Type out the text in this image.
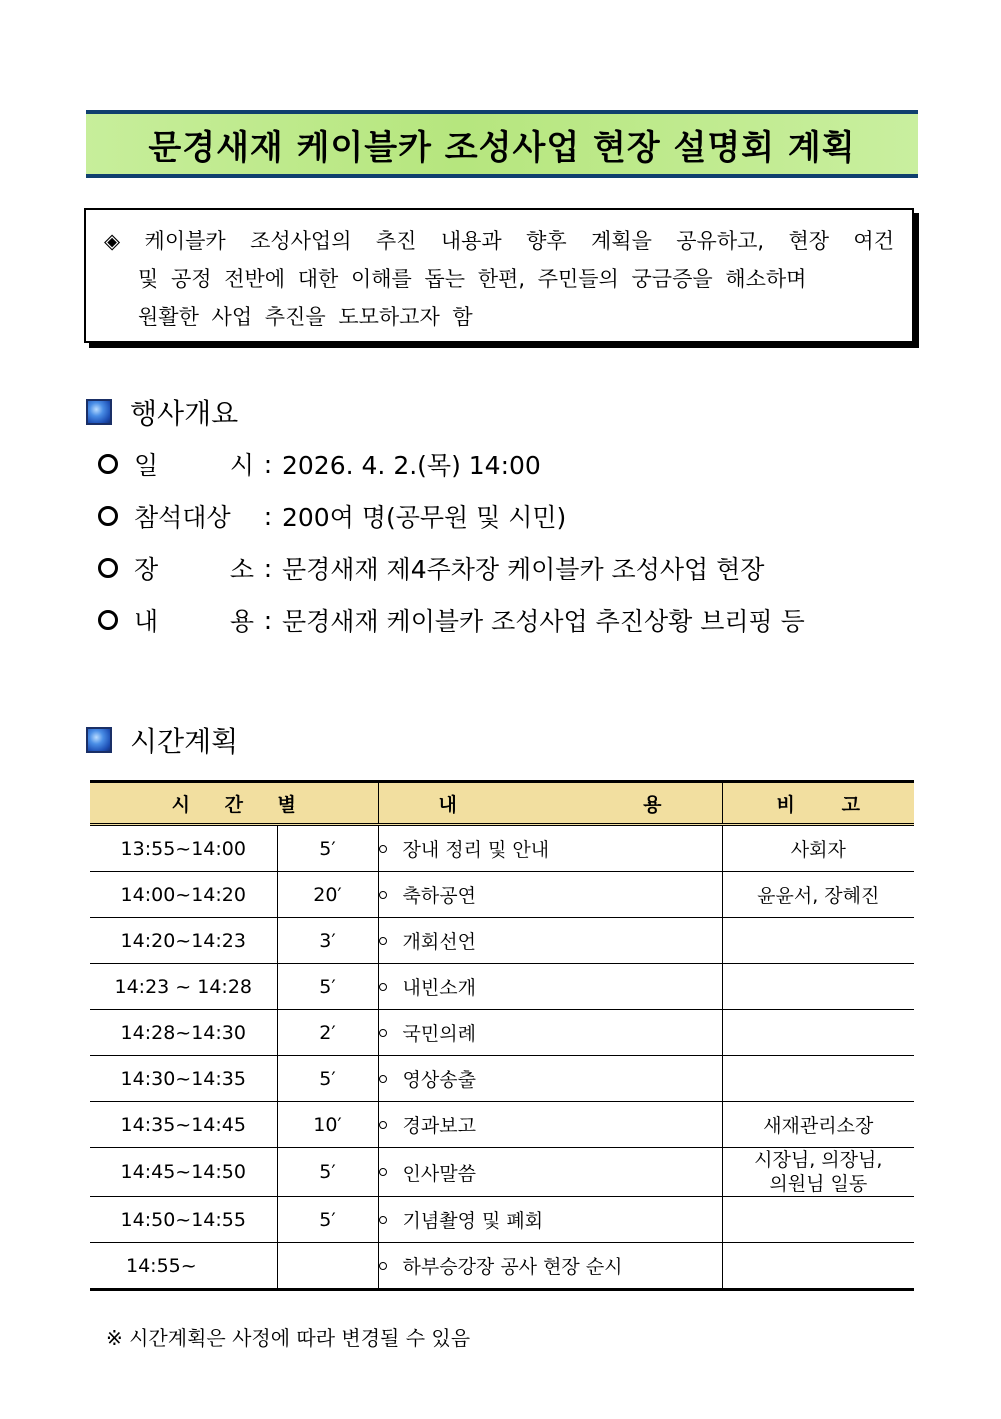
문경새재 케이블카 조성사업 현장 설명회 계획
◈ 케이블카 조성사업의 추진 내용과 향후 계획을 공유하고, 현장 여건
및 공정 전반에 대한 이해를 돕는 한편, 주민들의 궁금증을 해소하며
원활한 사업 추진을 도모하고자 함
행사개요
일	시 : 2026. 4. 2.(목) 14:00
참석대상	: 200여 명(공무원 및 시민)
장	소 : 문경새재 제4주차장 케이블카 조성사업 현장
내	용 : 문경새재 케이블카 조성사업 추진상황 브리핑 등
시간계획
시 간 별		내 용	비 고

13:55~14:00	5′	장내 정리 및 안내	사회자
14:00~14:20	20′	축하공연	윤윤서, 장혜진
14:20~14:23	3′	개회선언	
14:23 ~ 14:28	5′	내빈소개	
14:28~14:30	2′	국민의례	
14:30~14:35	5′	영상송출	
14:35~14:45	10′	경과보고	새재관리소장
14:45~14:50	5′	인사말씀	시장님, 의장님,
의원님 일동

14:50~14:55	5′	기념촬영 및 폐회	
14:55~		하부승강장 공사 현장 순시	
※ 시간계획은 사정에 따라 변경될 수 있음
